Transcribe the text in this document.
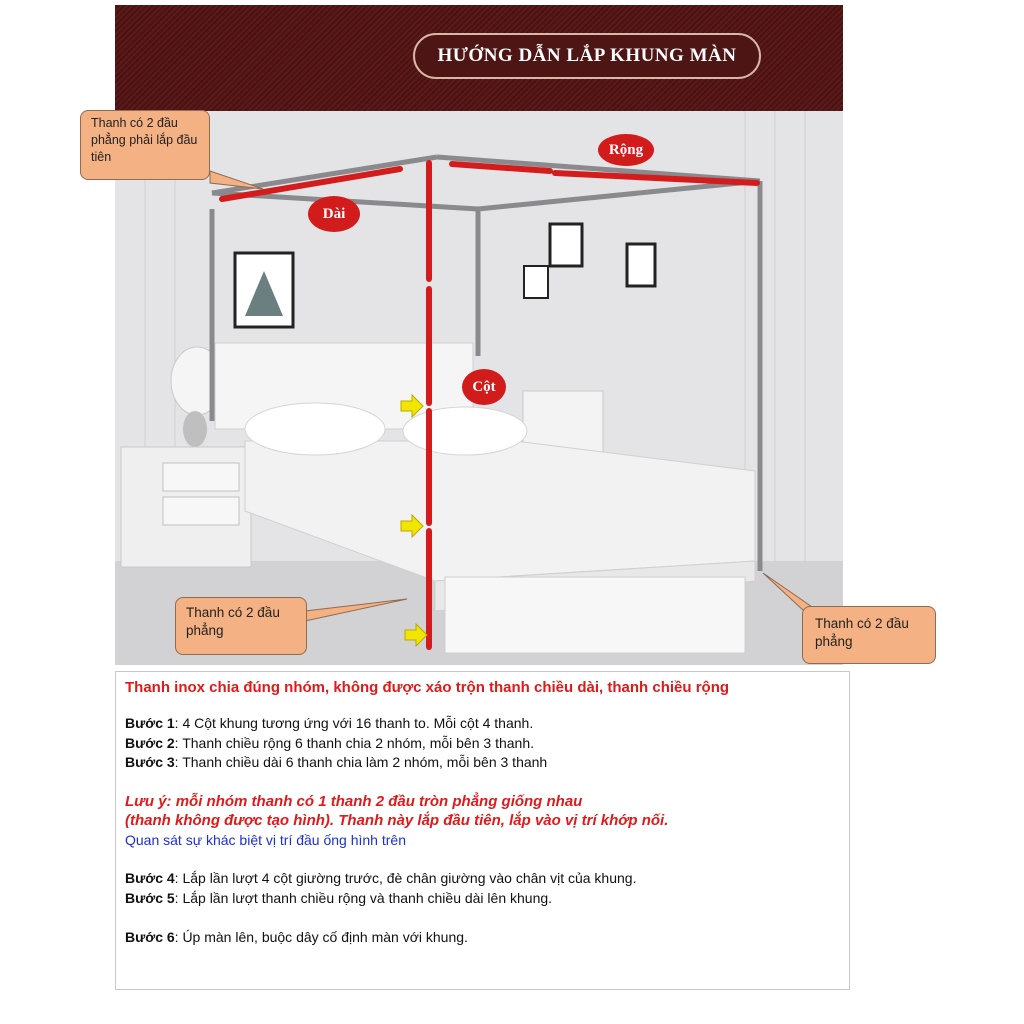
HƯỚNG DẪN LẮP KHUNG MÀN
Thanh có 2 đầu phẳng phải lắp đầu tiên
Thanh có 2 đầu phẳng	Thanh có 2 đầu phẳng
Dài
Rộng
Cột
Thanh inox chia đúng nhóm, không được xáo trộn thanh chiều dài, thanh chiều rộng
Bước 1: 4 Cột khung tương ứng với 16 thanh to. Mỗi cột 4 thanh.
Bước 2: Thanh chiều rộng 6 thanh chia 2 nhóm, mỗi bên 3 thanh.
Bước 3: Thanh chiều dài 6 thanh chia làm 2 nhóm, mỗi bên 3 thanh
Lưu ý: mỗi nhóm thanh có 1 thanh 2 đầu tròn phẳng giống nhau
(thanh không được tạo hình). Thanh này lắp đầu tiên, lắp vào vị trí khớp nối.
Quan sát sự khác biệt vị trí đầu ống hình trên
Bước 4: Lắp lần lượt 4 cột giường trước, đè chân giường vào chân vịt của khung.
Bước 5: Lắp lần lượt thanh chiều rộng và thanh chiều dài lên khung.
Bước 6: Úp màn lên, buộc dây cố định màn với khung.
